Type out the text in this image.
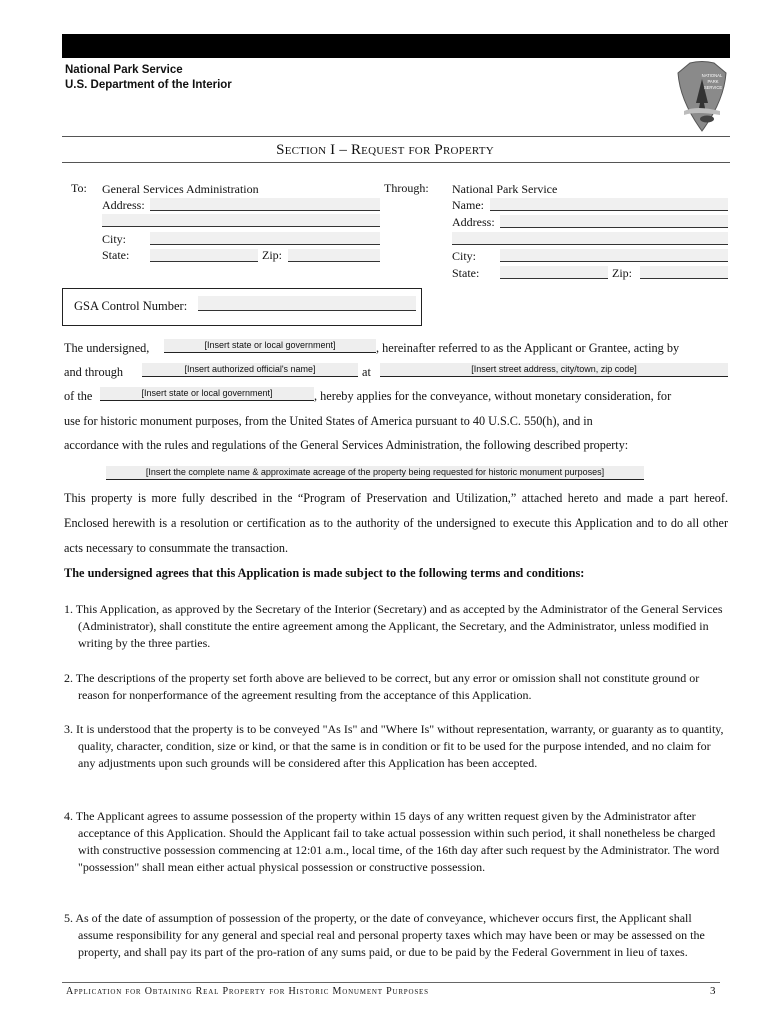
National Park Service
U.S. Department of the Interior
NATIONAL
PARK
SERVICE
Section I – Request for Property
To: General Services Administration
Address:
City:
State:	Zip:
Through: National Park Service
Name:
Address:
City:
State:	Zip:
GSA Control Number:
The undersigned,	[Insert state or local government]	, hereinafter referred to as the Applicant or Grantee, acting by
and through	[Insert authorized official's name]	at	[Insert street address, city/town, zip code]
of the	[Insert state or local government]	, hereby applies for the conveyance, without monetary consideration, for
use for historic monument purposes, from the United States of America pursuant to 40 U.S.C. 550(h), and in
accordance with the rules and regulations of the General Services Administration, the following described property:
[Insert the complete name & approximate acreage of the property being requested for historic monument purposes]
This property is more fully described in the “Program of Preservation and Utilization,” attached hereto and made a part hereof. Enclosed herewith is a resolution or certification as to the authority of the undersigned to execute this Application and to do all other acts necessary to consummate the transaction.
The undersigned agrees that this Application is made subject to the following terms and conditions:
1. This Application, as approved by the Secretary of the Interior (Secretary) and as accepted by the Administrator of the General Services (Administrator), shall constitute the entire agreement among the Applicant, the Secretary, and the Administrator, unless modified in writing by the three parties.
2. The descriptions of the property set forth above are believed to be correct, but any error or omission shall not constitute ground or reason for nonperformance of the agreement resulting from the acceptance of this Application.
3. It is understood that the property is to be conveyed "As Is" and "Where Is" without representation, warranty, or guaranty as to quantity, quality, character, condition, size or kind, or that the same is in condition or fit to be used for the purpose intended, and no claim for any adjustments upon such grounds will be considered after this Application has been accepted.
4. The Applicant agrees to assume possession of the property within 15 days of any written request given by the Administrator after acceptance of this Application. Should the Applicant fail to take actual possession within such period, it shall nonetheless be charged with constructive possession commencing at 12:01 a.m., local time, of the 16th day after such request by the Administrator. The word "possession" shall mean either actual physical possession or constructive possession.
5. As of the date of assumption of possession of the property, or the date of conveyance, whichever occurs first, the Applicant shall assume responsibility for any general and special real and personal property taxes which may have been or may be assessed on the property, and shall pay its part of the pro-ration of any sums paid, or due to be paid by the Federal Government in lieu of taxes.
Application for Obtaining Real Property for Historic Monument Purposes	3
